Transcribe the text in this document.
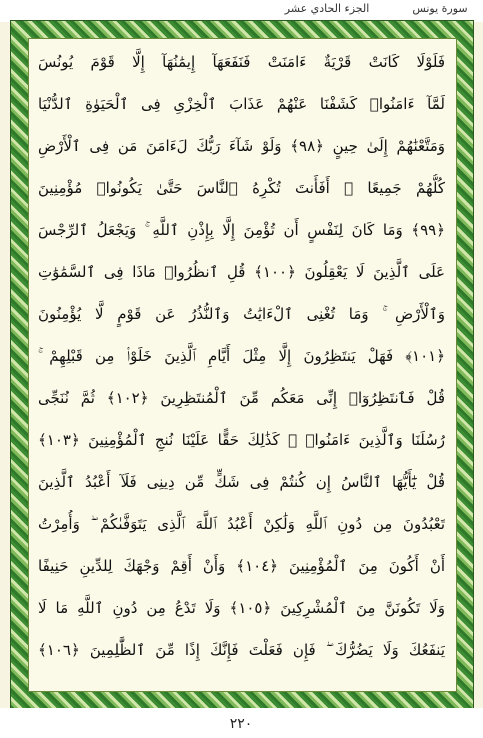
الجزء الحادي عشر	سورة يونس
فَلَوْلَا كَانَتْ قَرْيَةٌ ءَامَنَتْ فَنَفَعَهَآ إِيمَٰنُهَآ إِلَّا قَوْمَ يُونُسَ
لَمَّآ ءَامَنُوا۟ كَشَفْنَا عَنْهُمْ عَذَابَ ٱلْخِزْىِ فِى ٱلْحَيَوٰةِ ٱلدُّنْيَا
وَمَتَّعْنَٰهُمْ إِلَىٰ حِينٍ ﴿٩٨﴾ وَلَوْ شَآءَ رَبُّكَ لَءَامَنَ مَن فِى ٱلْأَرْضِ
كُلُّهُمْ جَمِيعًا ۚ أَفَأَنتَ تُكْرِهُ ٱلنَّاسَ حَتَّىٰ يَكُونُوا۟ مُؤْمِنِينَ
﴿٩٩﴾ وَمَا كَانَ لِنَفْسٍ أَن تُؤْمِنَ إِلَّا بِإِذْنِ ٱللَّهِ ۚ وَيَجْعَلُ ٱلرِّجْسَ
عَلَى ٱلَّذِينَ لَا يَعْقِلُونَ ﴿١٠٠﴾ قُلِ ٱنظُرُوا۟ مَاذَا فِى ٱلسَّمَٰوَٰتِ
وَٱلْأَرْضِ ۚ وَمَا تُغْنِى ٱلْءَايَٰتُ وَٱلنُّذُرُ عَن قَوْمٍ لَّا يُؤْمِنُونَ
﴿١٠١﴾ فَهَلْ يَنتَظِرُونَ إِلَّا مِثْلَ أَيَّامِ ٱلَّذِينَ خَلَوْا۟ مِن قَبْلِهِمْ ۚ
قُلْ فَٱنتَظِرُوٓا۟ إِنِّى مَعَكُم مِّنَ ٱلْمُنتَظِرِينَ ﴿١٠٢﴾ ثُمَّ نُنَجِّى
رُسُلَنَا وَٱلَّذِينَ ءَامَنُوا۟ ۚ كَذَٰلِكَ حَقًّا عَلَيْنَا نُنجِ ٱلْمُؤْمِنِينَ ﴿١٠٣﴾
قُلْ يَٰٓأَيُّهَا ٱلنَّاسُ إِن كُنتُمْ فِى شَكٍّ مِّن دِينِى فَلَآ أَعْبُدُ ٱلَّذِينَ
تَعْبُدُونَ مِن دُونِ ٱللَّهِ وَلَٰكِنْ أَعْبُدُ ٱللَّهَ ٱلَّذِى يَتَوَفَّىٰكُمْ ۖ وَأُمِرْتُ
أَنْ أَكُونَ مِنَ ٱلْمُؤْمِنِينَ ﴿١٠٤﴾ وَأَنْ أَقِمْ وَجْهَكَ لِلدِّينِ حَنِيفًا
وَلَا تَكُونَنَّ مِنَ ٱلْمُشْرِكِينَ ﴿١٠٥﴾ وَلَا تَدْعُ مِن دُونِ ٱللَّهِ مَا لَا
يَنفَعُكَ وَلَا يَضُرُّكَ ۖ فَإِن فَعَلْتَ فَإِنَّكَ إِذًا مِّنَ ٱلظَّٰلِمِينَ ﴿١٠٦﴾
٢٢٠
